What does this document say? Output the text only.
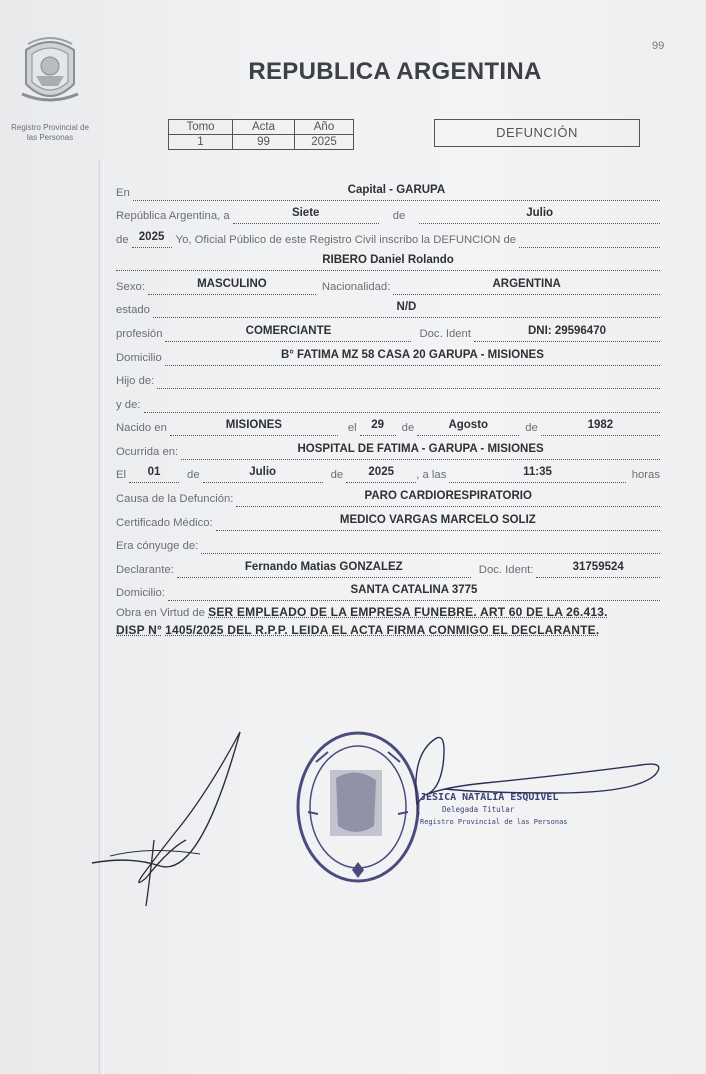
99
Registro Provincial de
las Personas
REPUBLICA ARGENTINA
Tomo	Acta	Año
1	99	2025
DEFUNCIÓN
En	Capital - GARUPA
República Argentina, a	Siete	de	Julio
de 2025 Yo, Oficial Público de este Registro Civil inscribo la DEFUNCION de
RIBERO Daniel Rolando
Sexo:	MASCULINO	Nacionalidad:	ARGENTINA
estado	N/D
profesión	COMERCIANTE	Doc. Ident	DNI: 29596470
Domicilio	B° FATIMA MZ 58 CASA 20 GARUPA - MISIONES
Hijo de:
y de:
Nacido en	MISIONES	el	29	de	Agosto	de	1982
Ocurrida en:	HOSPITAL DE FATIMA - GARUPA - MISIONES
El	01	de	Julio	de	2025	, a las	11:35	horas
Causa de la Defunción:	PARO CARDIORESPIRATORIO
Certificado Médico:	MEDICO VARGAS MARCELO SOLIZ
Era cónyuge de:
Declarante:	Fernando Matias GONZALEZ	Doc. Ident:	31759524
Domicilio:	SANTA CATALINA 3775
Obra en Virtud de SER EMPLEADO DE LA EMPRESA FUNEBRE. ART 60 DE LA 26.413.
DISP N° 1405/2025 DEL R.P.P. LEIDA EL ACTA FIRMA CONMIGO EL DECLARANTE.
JESICA NATALIA ESQUIVEL
Delegada Titular
Registro Provincial de las Personas
